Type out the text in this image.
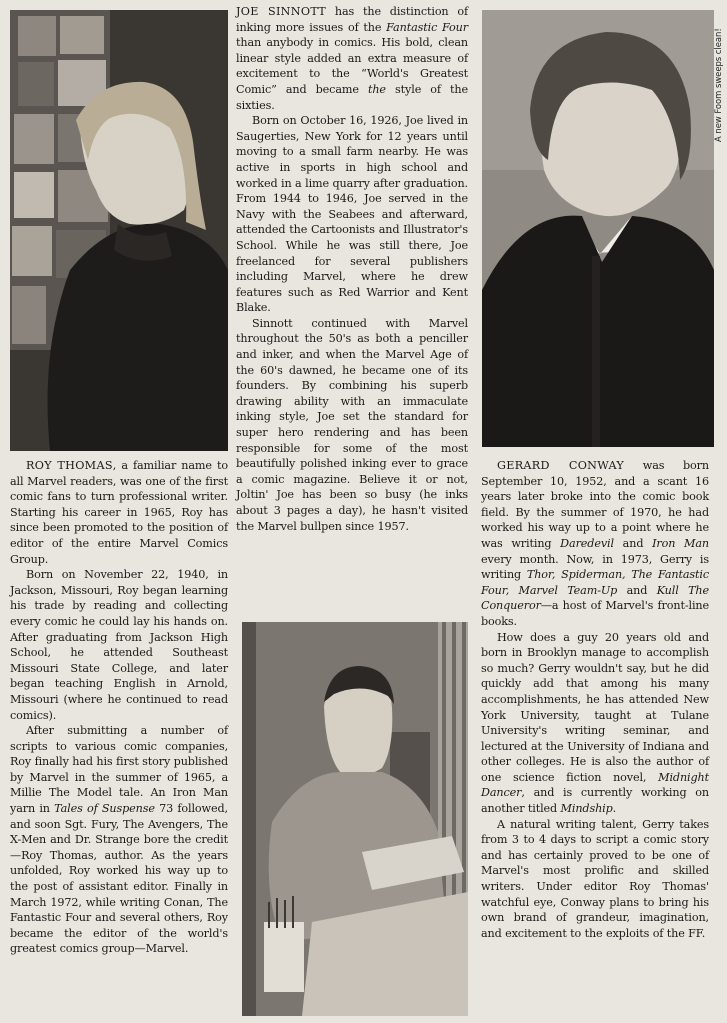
A new Foom sweeps clean!

JOE SINNOTT has the distinction of inking more issues of the Fantastic Four than anybody in comics. His bold, clean linear style added an extra measure of excitement to the “World's Greatest Comic” and became the style of the sixties.

Born on October 16, 1926, Joe lived in Saugerties, New York for 12 years until moving to a small farm nearby. He was active in sports in high school and worked in a lime quarry after graduation. From 1944 to 1946, Joe served in the Navy with the Seabees and afterward, attended the Cartoonists and Illustrator's School. While he was still there, Joe freelanced for several publishers including Marvel, where he drew features such as Red Warrior and Kent Blake.

Sinnott continued with Marvel throughout the 50's as both a penciller and inker, and when the Marvel Age of the 60's dawned, he became one of its founders. By combining his superb drawing ability with an immaculate inking style, Joe set the standard for super hero rendering and has been responsible for some of the most beautifully polished inking ever to grace a comic magazine. Believe it or not, Joltin' Joe has been so busy (he inks about 3 pages a day), he hasn't visited the Marvel bullpen since 1957.

ROY THOMAS, a familiar name to all Marvel readers, was one of the first comic fans to turn professional writer. Starting his career in 1965, Roy has since been promoted to the position of editor of the entire Marvel Comics Group.

Born on November 22, 1940, in Jackson, Missouri, Roy began learning his trade by reading and collecting every comic he could lay his hands on. After graduating from Jackson High School, he attended Southeast Missouri State College, and later began teaching English in Arnold, Missouri (where he continued to read comics).

After submitting a number of scripts to various comic companies, Roy finally had his first story published by Marvel in the summer of 1965, a Millie The Model tale. An Iron Man yarn in Tales of Suspense 73 followed, and soon Sgt. Fury, The Avengers, The X-Men and Dr. Strange bore the credit—Roy Thomas, author. As the years unfolded, Roy worked his way up to the post of assistant editor. Finally in March 1972, while writing Conan, The Fantastic Four and several others, Roy became the editor of the world's greatest comics group—Marvel.

GERARD CONWAY was born September 10, 1952, and a scant 16 years later broke into the comic book field. By the summer of 1970, he had worked his way up to a point where he was writing Daredevil and Iron Man every month. Now, in 1973, Gerry is writing Thor, Spiderman, The Fantastic Four, Marvel Team-Up and Kull The Conqueror—a host of Marvel's front-line books.

How does a guy 20 years old and born in Brooklyn manage to accomplish so much? Gerry wouldn't say, but he did quickly add that among his many accomplishments, he has attended New York University, taught at Tulane University's writing seminar, and lectured at the University of Indiana and other colleges. He is also the author of one science fiction novel, Midnight Dancer, and is currently working on another titled Mindship.

A natural writing talent, Gerry takes from 3 to 4 days to script a comic story and has certainly proved to be one of Marvel's most prolific and skilled writers. Under editor Roy Thomas' watchful eye, Conway plans to bring his own brand of grandeur, imagination, and excitement to the exploits of the FF.
